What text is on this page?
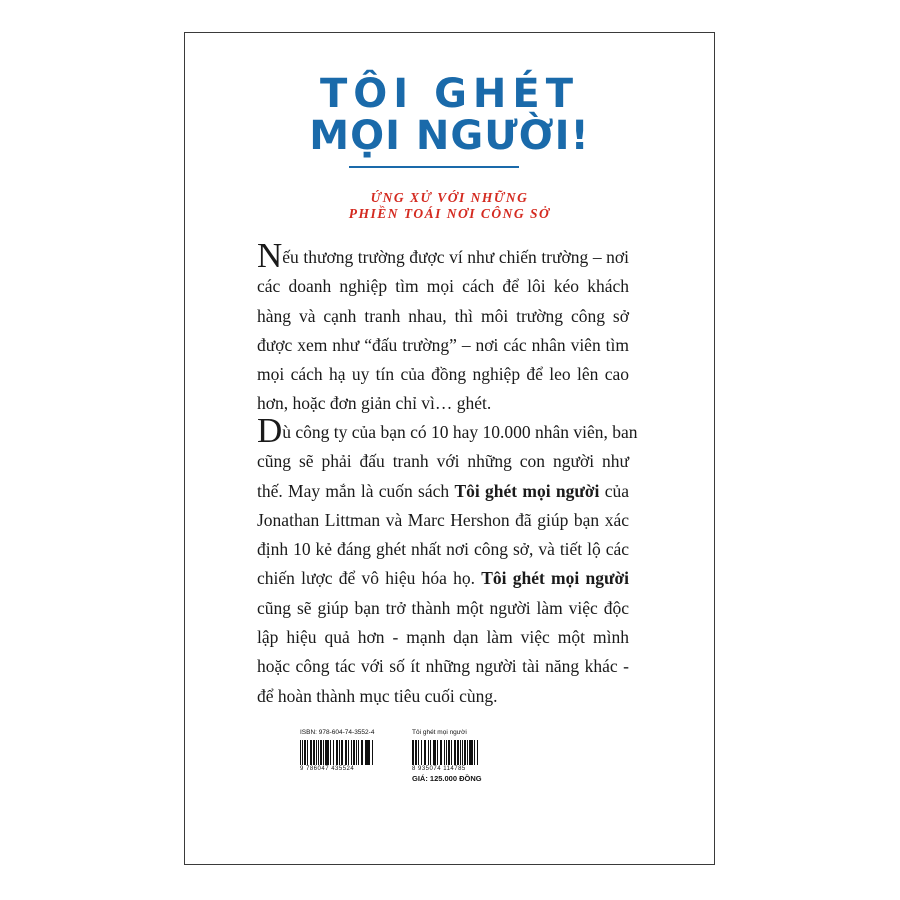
TÔI GHÉT
MỌI NGƯỜI!
ỨNG XỬ VỚI NHỮNG
PHIỀN TOÁI NƠI CÔNG SỞ
Nếu thương trường được ví như chiến trường – nơi
các doanh nghiệp tìm mọi cách để lôi kéo khách
hàng và cạnh tranh nhau, thì môi trường công sở
được xem như “đấu trường” – nơi các nhân viên tìm
mọi cách hạ uy tín của đồng nghiệp để leo lên cao
hơn, hoặc đơn giản chỉ vì… ghét.
Dù công ty của bạn có 10 hay 10.000 nhân viên, ban
cũng sẽ phải đấu tranh với những con người như
thế. May mắn là cuốn sách Tôi ghét mọi người của
Jonathan Littman và Marc Hershon đã giúp bạn xác
định 10 kẻ đáng ghét nhất nơi công sở, và tiết lộ các
chiến lược để vô hiệu hóa họ. Tôi ghét mọi người
cũng sẽ giúp bạn trở thành một người làm việc độc
lập hiệu quả hơn - mạnh dạn làm việc một mình
hoặc công tác với số ít những người tài năng khác -
để hoàn thành mục tiêu cuối cùng.
ISBN: 978-604-74-3552-4
9 786047 435524
Tôi ghét mọi người
8 935074 114785
GIÁ: 125.000 ĐỒNG
